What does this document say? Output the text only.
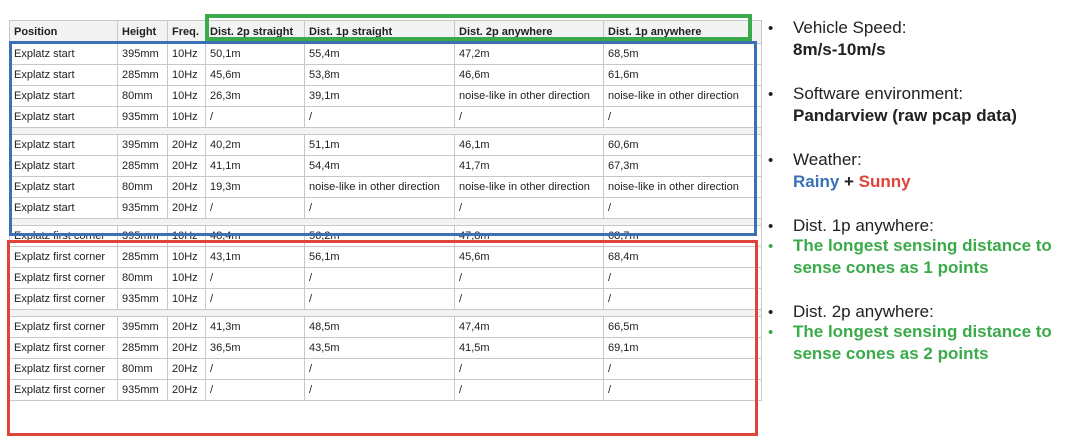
Position	Height	Freq.	Dist. 2p straight	Dist. 1p straight	Dist. 2p anywhere	Dist. 1p anywhere
Explatz start	395mm	10Hz	50,1m	55,4m	47,2m	68,5m
Explatz start	285mm	10Hz	45,6m	53,8m	46,6m	61,6m
Explatz start	80mm	10Hz	26,3m	39,1m	noise-like in other direction	noise-like in other direction
Explatz start	935mm	10Hz	/	/	/	/

Explatz start	395mm	20Hz	40,2m	51,1m	46,1m	60,6m
Explatz start	285mm	20Hz	41,1m	54,4m	41,7m	67,3m
Explatz start	80mm	20Hz	19,3m	noise-like in other direction	noise-like in other direction	noise-like in other direction
Explatz start	935mm	20Hz	/	/	/	/

Explatz first corner	395mm	10Hz	48,4m	56,2m	47,8m	68,7m
Explatz first corner	285mm	10Hz	43,1m	56,1m	45,6m	68,4m
Explatz first corner	80mm	10Hz	/	/	/	/
Explatz first corner	935mm	10Hz	/	/	/	/

Explatz first corner	395mm	20Hz	41,3m	48,5m	47,4m	66,5m
Explatz first corner	285mm	20Hz	36,5m	43,5m	41,5m	69,1m
Explatz first corner	80mm	20Hz	/	/	/	/
Explatz first corner	935mm	20Hz	/	/	/	/
• Vehicle Speed:
8m/s-10m/s
• Software environment:
Pandarview (raw pcap data)
• Weather:
Rainy + Sunny
• Dist. 1p anywhere:
• The longest sensing distance to
sense cones as 1 points
• Dist. 2p anywhere:
• The longest sensing distance to
sense cones as 2 points
